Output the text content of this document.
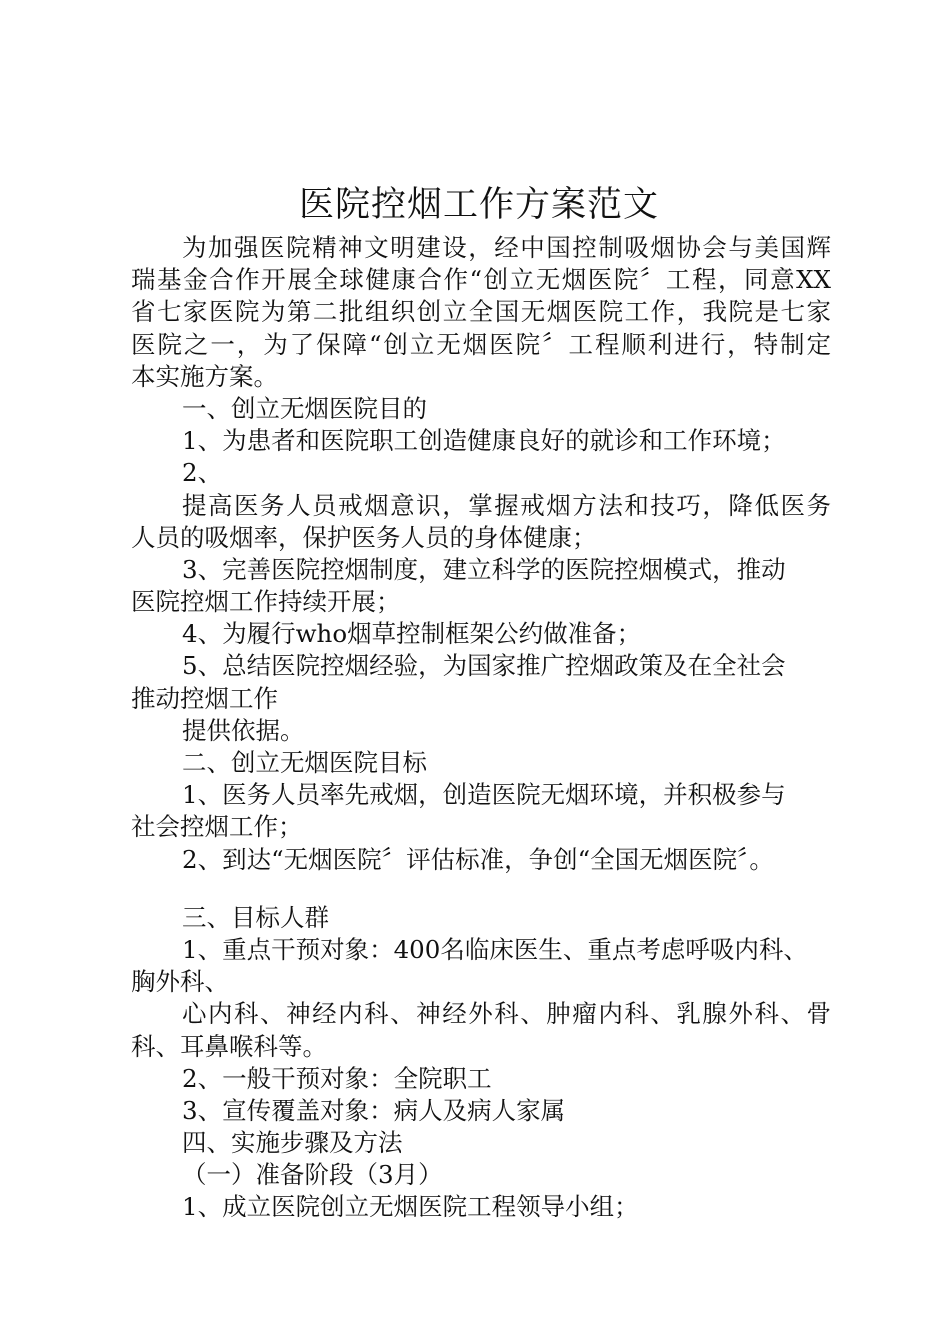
医院控烟工作方案范文
为加强医院精神文明建设，经中国控制吸烟协会与美国辉
瑞基金合作开展全球健康合作“创立无烟医院〞工程，同意XX
省七家医院为第二批组织创立全国无烟医院工作，我院是七家
医院之一，为了保障“创立无烟医院〞工程顺利进行，特制定
本实施方案。
一、创立无烟医院目的
1、为患者和医院职工创造健康良好的就诊和工作环境；
2、
提高医务人员戒烟意识，掌握戒烟方法和技巧，降低医务
人员的吸烟率，保护医务人员的身体健康；
3、完善医院控烟制度，建立科学的医院控烟模式，推动
医院控烟工作持续开展；
4、为履行who烟草控制框架公约做准备；
5、总结医院控烟经验，为国家推广控烟政策及在全社会
推动控烟工作
提供依据。
二、创立无烟医院目标
1、医务人员率先戒烟，创造医院无烟环境，并积极参与
社会控烟工作；
2、到达“无烟医院〞评估标准，争创“全国无烟医院〞。
三、目标人群
1、重点干预对象：400名临床医生、重点考虑呼吸内科、
胸外科、
心内科、神经内科、神经外科、肿瘤内科、乳腺外科、骨
科、耳鼻喉科等。
2、一般干预对象：全院职工
3、宣传覆盖对象：病人及病人家属
四、实施步骤及方法
（一）准备阶段（3月）
1、成立医院创立无烟医院工程领导小组；
